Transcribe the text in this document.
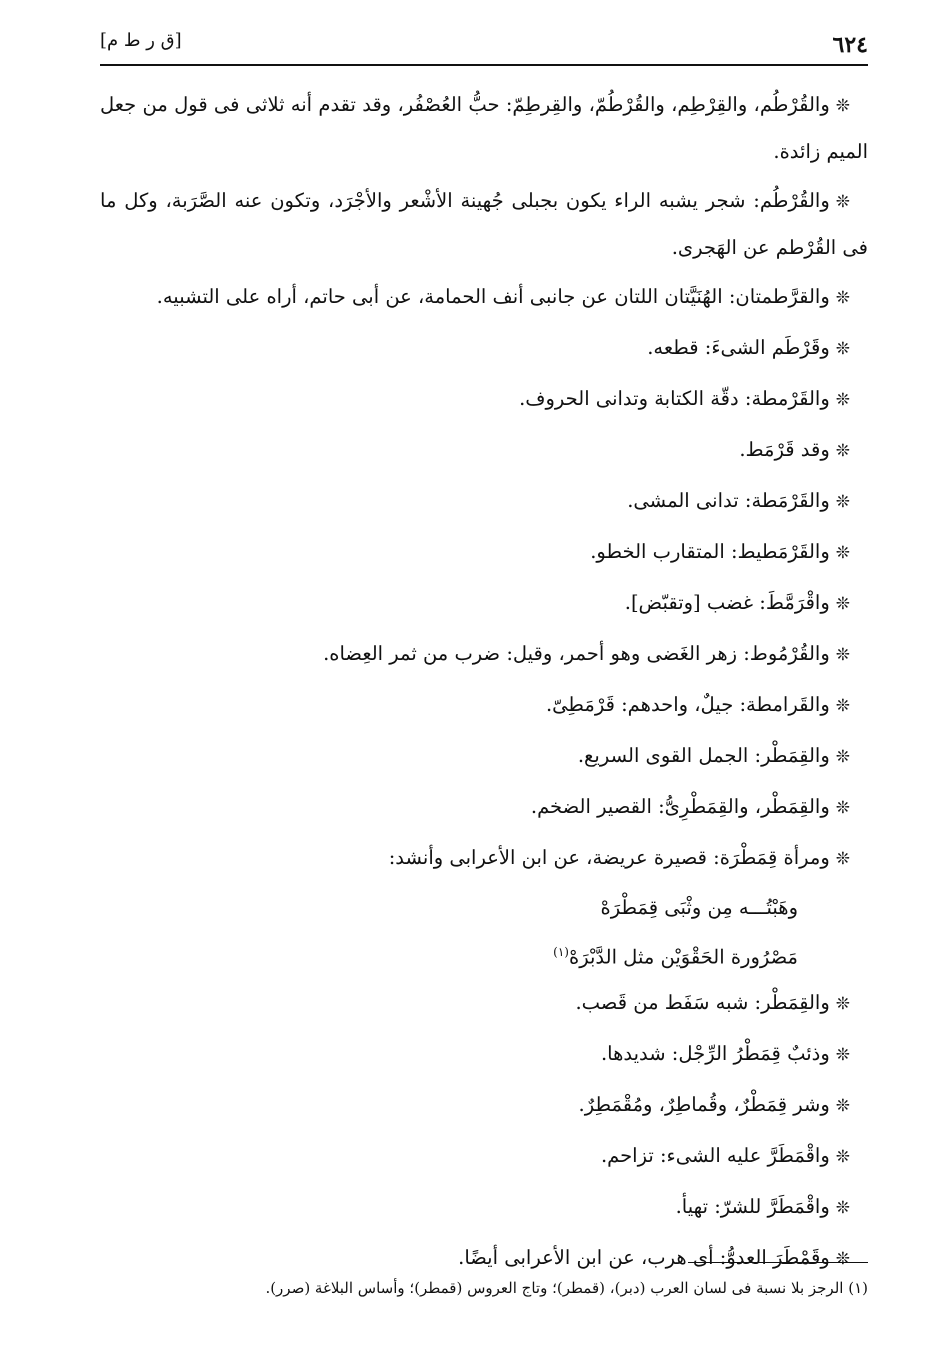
٦٢٤
[ق ر ط م]

❊والقُرْطُم، والقِرْطِم، والقُرْطُمّ، والقِرطِمّ: حبُّ العُصْفُر، وقد تقدم أنه ثلاثى فى قول من جعل الميم زائدة.

❊والقُرْطُم: شجر يشبه الراء يكون بجبلى جُهينة الأشْعر والأجْرَد، وتكون عنه الصَّرَبة، وكل ما فى القُرْطم عن الهَجرى.

❊والقرَّطمتان: الهُنَيَّتان اللتان عن جانبى أنف الحمامة، عن أبى حاتم، أراه على التشبيه.

❊وقَرْطَم الشىءَ: قطعه.

❊والقَرْمطة: دقّة الكتابة وتدانى الحروف.

❊وقد قَرْمَط.

❊والقَرْمَطة: تدانى المشى.

❊والقَرْمَطيط: المتقارب الخطو.

❊واقْرَمَّطَ: غضب [وتقبّض].

❊والقُرْمُوط: زهر الغَضى وهو أحمر، وقيل: ضرب من ثمر العِضاه.

❊والقَرامطة: جيلٌ، واحدهم: قَرْمَطِىّ.

❊والقِمَطْر: الجمل القوى السريع.

❊والقِمَطْر، والقِمَطْرِىُّ: القصير الضخم.

❊ومرأة قِمَطْرَة: قصيرة عريضة، عن ابن الأعرابى وأنشد:

وهَبْتُـــه مِن وثْبَى قِمَطْرَهْ
مَصْرُورة الحَقْوَيْن مثل الدَّبْرَهْ$^{(١)}$

❊والقِمَطْر: شبه سَفَط من قَصب.

❊وذئبٌ قِمَطْرُ الرِّجْل: شديدها.

❊وشر قِمَطْرٌ، وقُماطِرٌ، ومُقْمَطِرٌ.

❊واقْمَطَرَّ عليه الشىء: تزاحم.

❊واقْمَطَرَّ للشرّ: تهيأ.

❊وقَمْطَرَ العدوُّ: أى هرب، عن ابن الأعرابى أيضًا.

(١) الرجز بلا نسبة فى لسان العرب (دبر)، (قمطر)؛ وتاج العروس (قمطر)؛ وأساس البلاغة (صرر).
